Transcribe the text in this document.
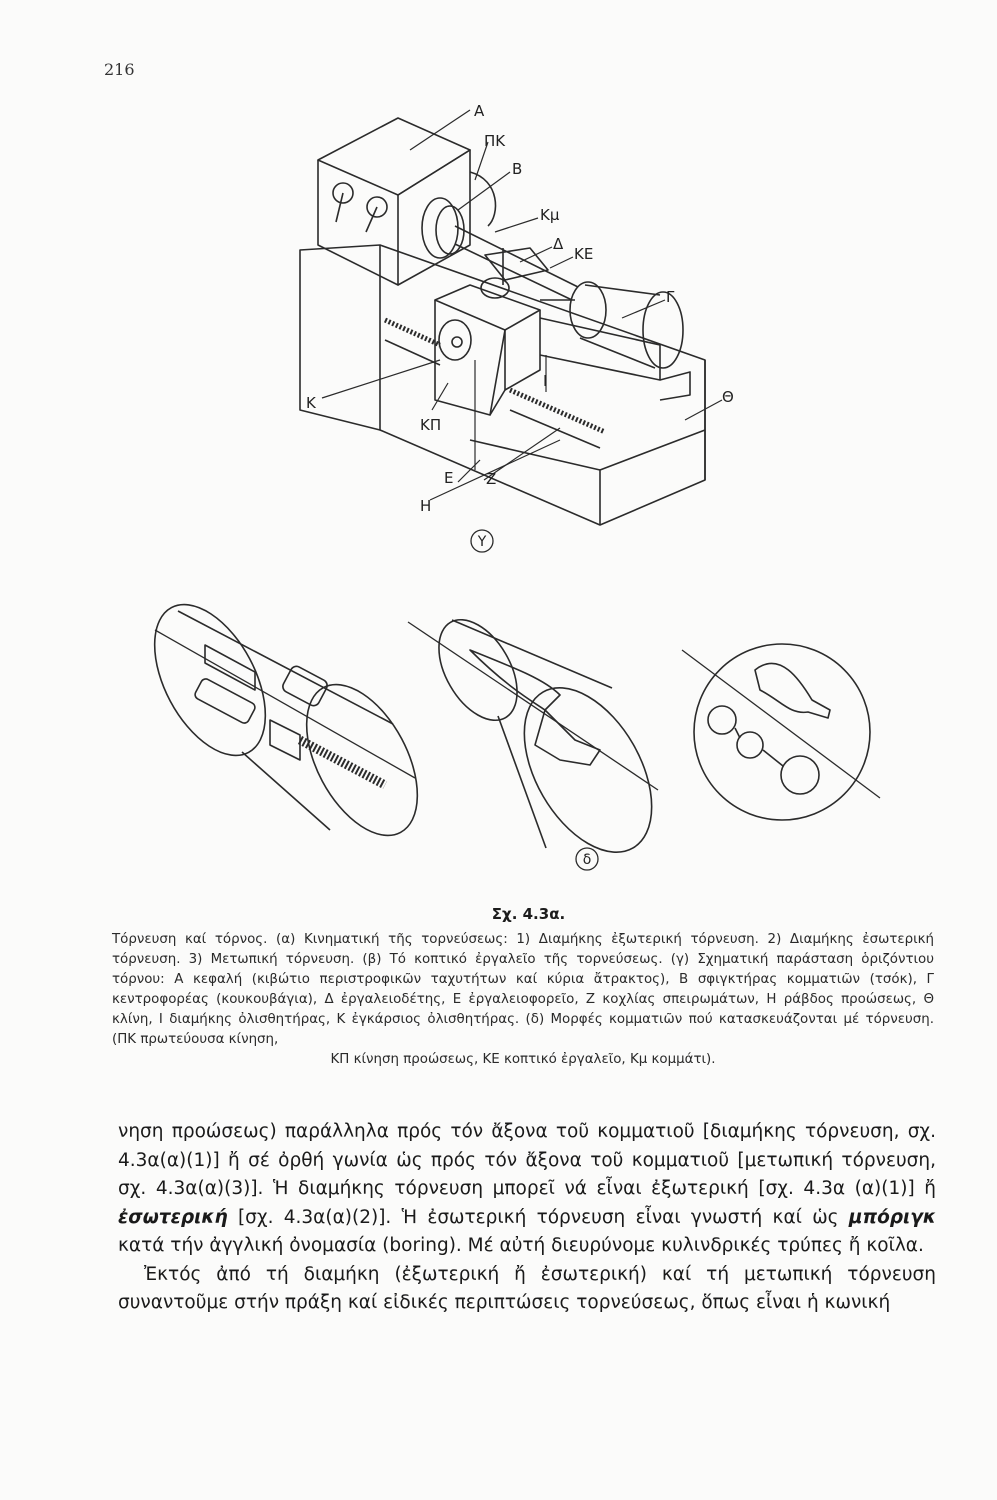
216
Α
ΠΚ
Β
Κμ
Δ
ΚΕ
Γ
Ι
Θ
Κ
ΚΠ
Ε Ζ
Η
Υ
δ
Σχ. 4.3α.
Τόρνευση καί τόρνος. (α) Κινηματική τῆς τορνεύσεως: 1) Διαμήκης ἐξωτερική τόρνευση. 2) Διαμήκης ἐσωτερική τόρνευση. 3) Μετωπική τόρνευση. (β) Τό κοπτικό ἐργαλεῖο τῆς τορνεύσεως. (γ) Σχηματική παράσταση ὁριζόντιου τόρνου: Α κεφαλή (κιβώτιο περιστροφικῶν ταχυτήτων καί κύρια ἄτρακτος), Β σφιγκτήρας κομματιῶν (τσόκ), Γ κεντροφορέας (κουκουβάγια), Δ ἐργαλειοδέτης, Ε ἐργαλειοφορεῖο, Ζ κοχλίας σπειρωμάτων, Η ράβδος προώσεως, Θ κλίνη, Ι διαμήκης ὀλισθητήρας, Κ ἐγκάρσιος ὀλισθητήρας. (δ) Μορφές κομματιῶν πού κατασκευάζονται μέ τόρνευση. (ΠΚ πρωτεύουσα κίνηση,
ΚΠ κίνηση προώσεως, ΚΕ κοπτικό ἐργαλεῖο, Κμ κομμάτι).

νηση προώσεως) παράλληλα πρός τόν ἄξονα τοῦ κομματιοῦ [διαμήκης τόρνευση, σχ. 4.3α(α)(1)] ἤ σέ ὀρθή γωνία ὡς πρός τόν ἄξονα τοῦ κομματιοῦ [μετωπική τόρνευση, σχ. 4.3α(α)(3)]. Ἡ διαμήκης τόρνευση μπορεῖ νά εἶναι ἐξωτερική [σχ. 4.3α (α)(1)] ἤ ἐσωτερική [σχ. 4.3α(α)(2)]. Ἡ ἐσωτερική τόρνευση εἶναι γνωστή καί ὡς μπόριγκ κατά τήν ἀγγλική ὀνομασία (boring). Μέ αὐτή διευρύνομε κυλινδρικές τρύπες ἤ κοῖλα.

Ἐκτός ἀπό τή διαμήκη (ἐξωτερική ἤ ἐσωτερική) καί τή μετωπική τόρνευση συναντοῦμε στήν πράξη καί εἰδικές περιπτώσεις τορνεύσεως, ὅπως εἶναι ἡ κωνική
